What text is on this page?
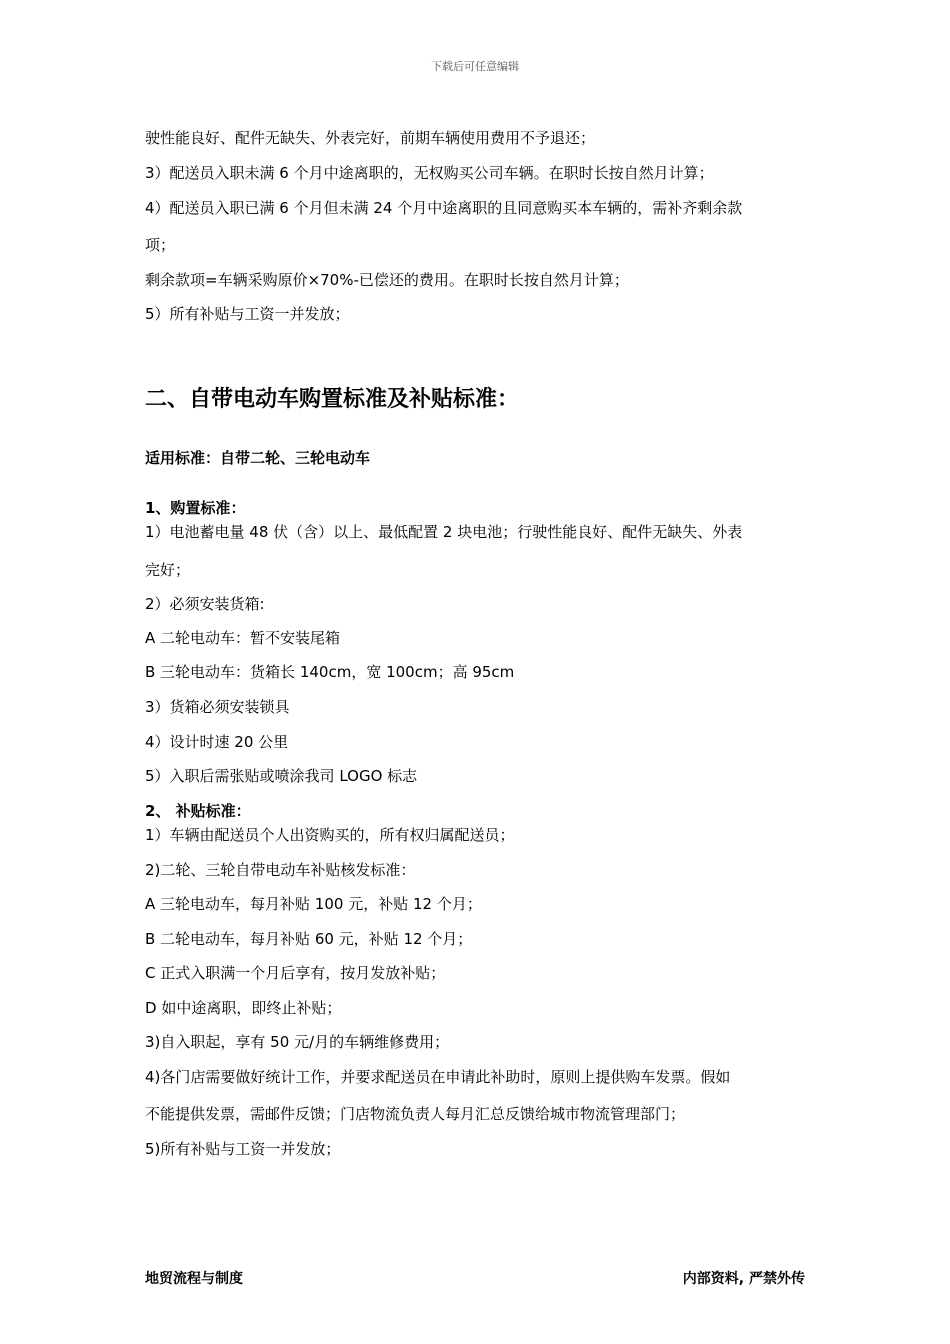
下载后可任意编辑
驶性能良好、配件无缺失、外表完好，前期车辆使用费用不予退还；
3）配送员入职未满 6 个月中途离职的，无权购买公司车辆。在职时长按自然月计算；
4）配送员入职已满 6 个月但未满 24 个月中途离职的且同意购买本车辆的，需补齐剩余款
项；
剩余款项=车辆采购原价×70%-已偿还的费用。在职时长按自然月计算；
5）所有补贴与工资一并发放；
二、自带电动车购置标准及补贴标准：
适用标准：自带二轮、三轮电动车
1、购置标准：
1）电池蓄电量 48 伏（含）以上、最低配置 2 块电池；行驶性能良好、配件无缺失、外表
完好；
2）必须安装货箱:
A 二轮电动车：暂不安装尾箱
B 三轮电动车：货箱长 140cm，宽 100cm；高 95cm
3）货箱必须安装锁具
4）设计时速 20 公里
5）入职后需张贴或喷涂我司 LOGO 标志
2、 补贴标准：
1）车辆由配送员个人出资购买的，所有权归属配送员；
2)二轮、三轮自带电动车补贴核发标准：
A 三轮电动车，每月补贴 100 元，补贴 12 个月；
B 二轮电动车，每月补贴 60 元，补贴 12 个月；
C 正式入职满一个月后享有，按月发放补贴；
D 如中途离职，即终止补贴；
3)自入职起，享有 50 元/月的车辆维修费用；
4)各门店需要做好统计工作，并要求配送员在申请此补助时，原则上提供购车发票。假如
不能提供发票，需邮件反馈；门店物流负责人每月汇总反馈给城市物流管理部门；
5)所有补贴与工资一并发放；
地贸流程与制度	内部资料, 严禁外传
